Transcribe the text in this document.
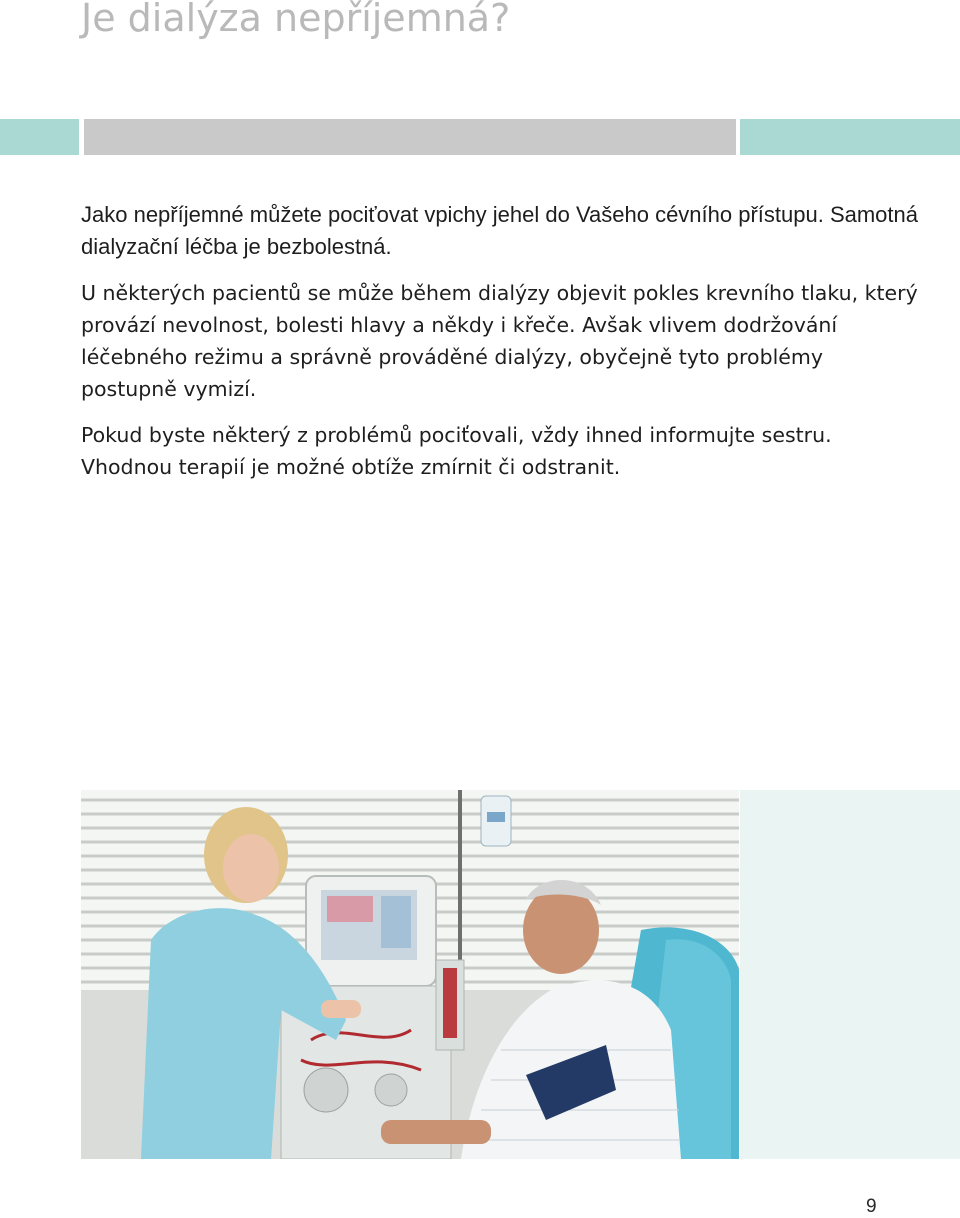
Je dialýza nepříjemná?

Jako nepříjemné můžete pociťovat vpichy jehel do Vašeho cévního přístupu. Samotná dialyzační léčba je bezbolestná.

U některých pacientů se může během dialýzy objevit pokles krevního tlaku, který provází nevolnost, bolesti hlavy a někdy i křeče. Avšak vlivem dodržování léčebného režimu a správně prováděné dialýzy, obyčejně tyto problémy postupně vymizí.

Pokud byste některý z problémů pociťovali, vždy ihned informujte sestru. Vhodnou terapií je možné obtíže zmírnit či odstranit.

9
